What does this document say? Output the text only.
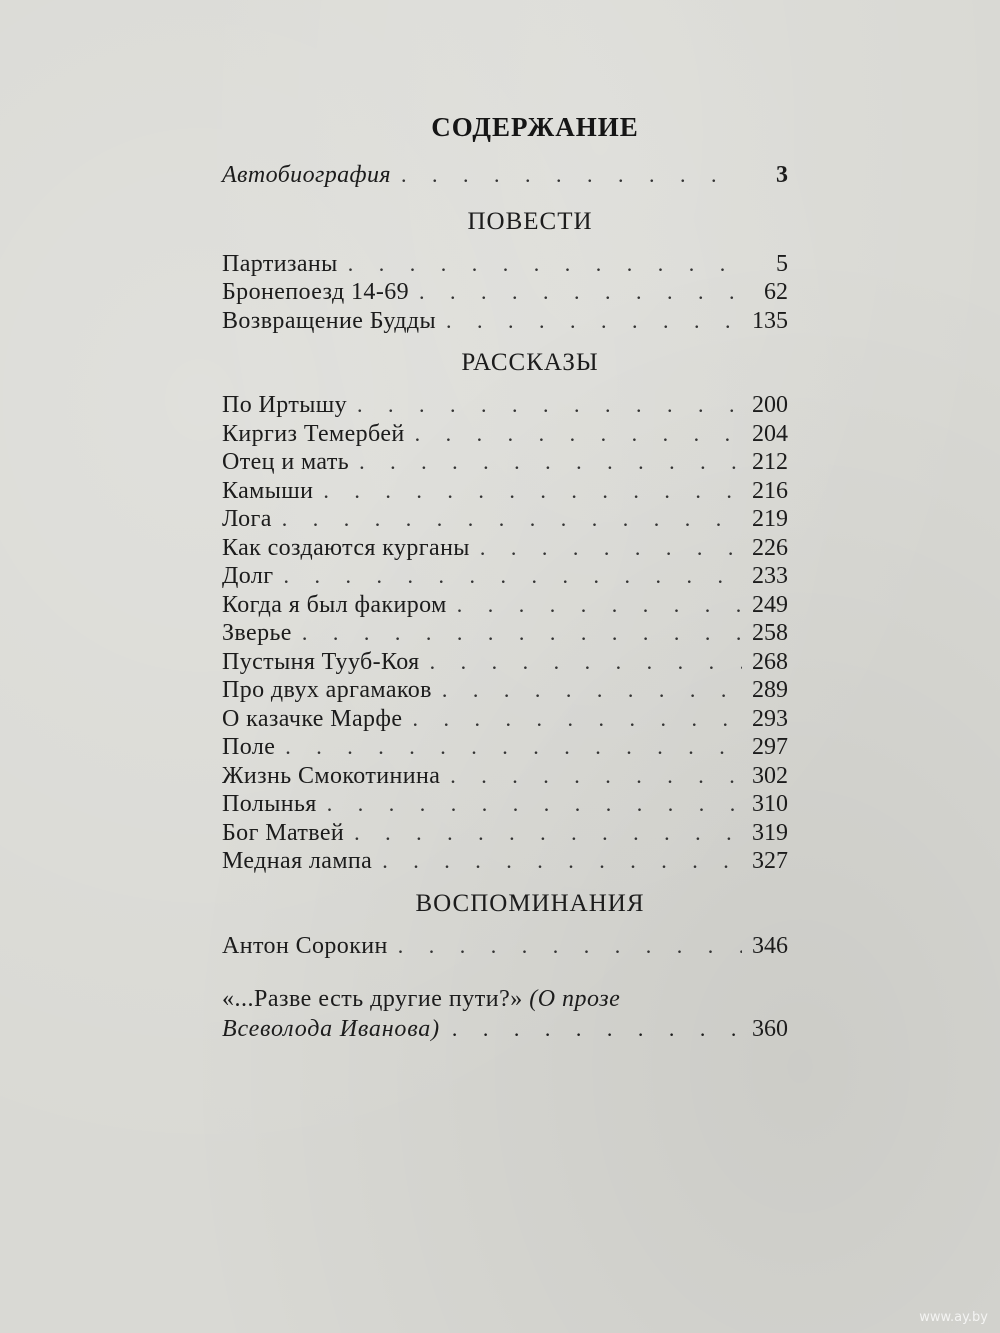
СОДЕРЖАНИЕ
Автобиография . . .	3
ПОВЕСТИ
Партизаны . . .	5
Бронепоезд 14-69 . . .	62
Возвращение Будды . . .	135
РАССКАЗЫ
По Иртышу . . .	200
Киргиз Темербей . . .	204
Отец и мать . . .	212
Камыши . . .	216
Лога . . .	219
Как создаются курганы . . .	226
Долг . . .	233
Когда я был факиром . . .	249
Зверье . . .	258
Пустыня Тууб-Коя . . .	268
Про двух аргамаков . . .	289
О казачке Марфе . . .	293
Поле . . .	297
Жизнь Смокотинина . . .	302
Полынья . . .	310
Бог Матвей . . .	319
Медная лампа . . .	327
ВОСПОМИНАНИЯ
Антон Сорокин . . .	346
«...Разве есть другие пути?» (О прозе
Всеволода Иванова) . . .	360
www.ay.by
